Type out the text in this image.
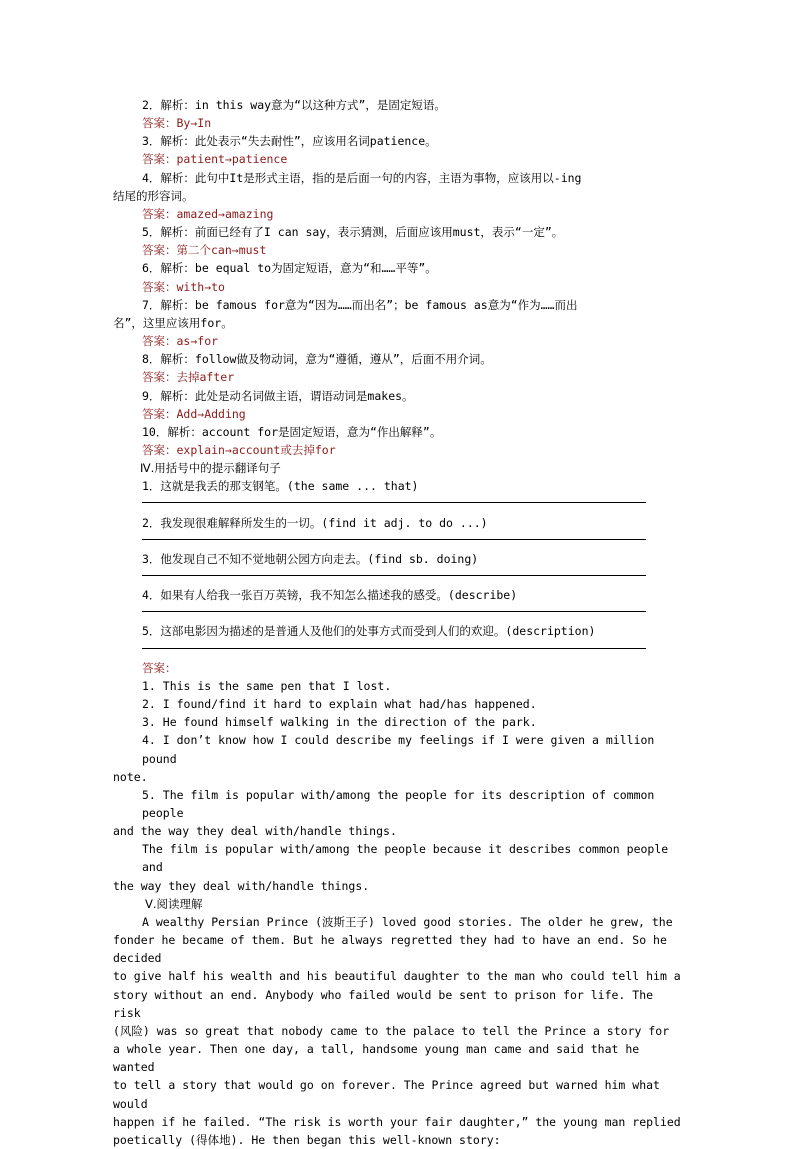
2．解析：in this way意为“以这种方式”，是固定短语。

答案：By→In

3．解析：此处表示“失去耐性”，应该用名词patience。

答案：patient→patience

4．解析：此句中It是形式主语，指的是后面一句的内容，主语为事物，应该用以-ing

结尾的形容词。

答案：amazed→amazing

5．解析：前面已经有了I can say，表示猜测，后面应该用must，表示“一定”。

答案：第二个can→must

6．解析：be equal to为固定短语，意为“和……平等”。

答案：with→to

7．解析：be famous for意为“因为……而出名”；be famous as意为“作为……而出

名”，这里应该用for。

答案：as→for

8．解析：follow做及物动词，意为“遵循，遵从”，后面不用介词。

答案：去掉after

9．解析：此处是动名词做主语，谓语动词是makes。

答案：Add→Adding

10．解析：account for是固定短语，意为“作出解释”。

答案：explain→account或去掉for

Ⅳ.用括号中的提示翻译句子

1．这就是我丢的那支钢笔。(the same ... that)

2．我发现很难解释所发生的一切。(find it adj. to do ...)

3．他发现自己不知不觉地朝公园方向走去。(find sb. doing)

4．如果有人给我一张百万英镑，我不知怎么描述我的感受。(describe)

5．这部电影因为描述的是普通人及他们的处事方式而受到人们的欢迎。(description)

答案：

1. This is the same pen that I lost.

2. I found/find it hard to explain what had/has happened.

3. He found himself walking in the direction of the park.

4. I don’t know how I could describe my feelings if I were given a million pound

note.

5. The film is popular with/among the people for its description of common people

and the way they deal with/handle things.

The film is popular with/among the people because it describes common people and

the way they deal with/handle things.

Ⅴ.阅读理解

A wealthy Persian Prince (波斯王子) loved good stories. The older he grew, the

fonder he became of them. But he always regretted they had to have an end. So he decided

to give half his wealth and his beautiful daughter to the man who could tell him a

story without an end. Anybody who failed would be sent to prison for life. The risk

(风险) was so great that nobody came to the palace to tell the Prince a story for

a whole year. Then one day, a tall, handsome young man came and said that he wanted

to tell a story that would go on forever. The Prince agreed but warned him what would

happen if he failed. “The risk is worth your fair daughter,” the young man replied

poetically (得体地). He then began this well-known story:
